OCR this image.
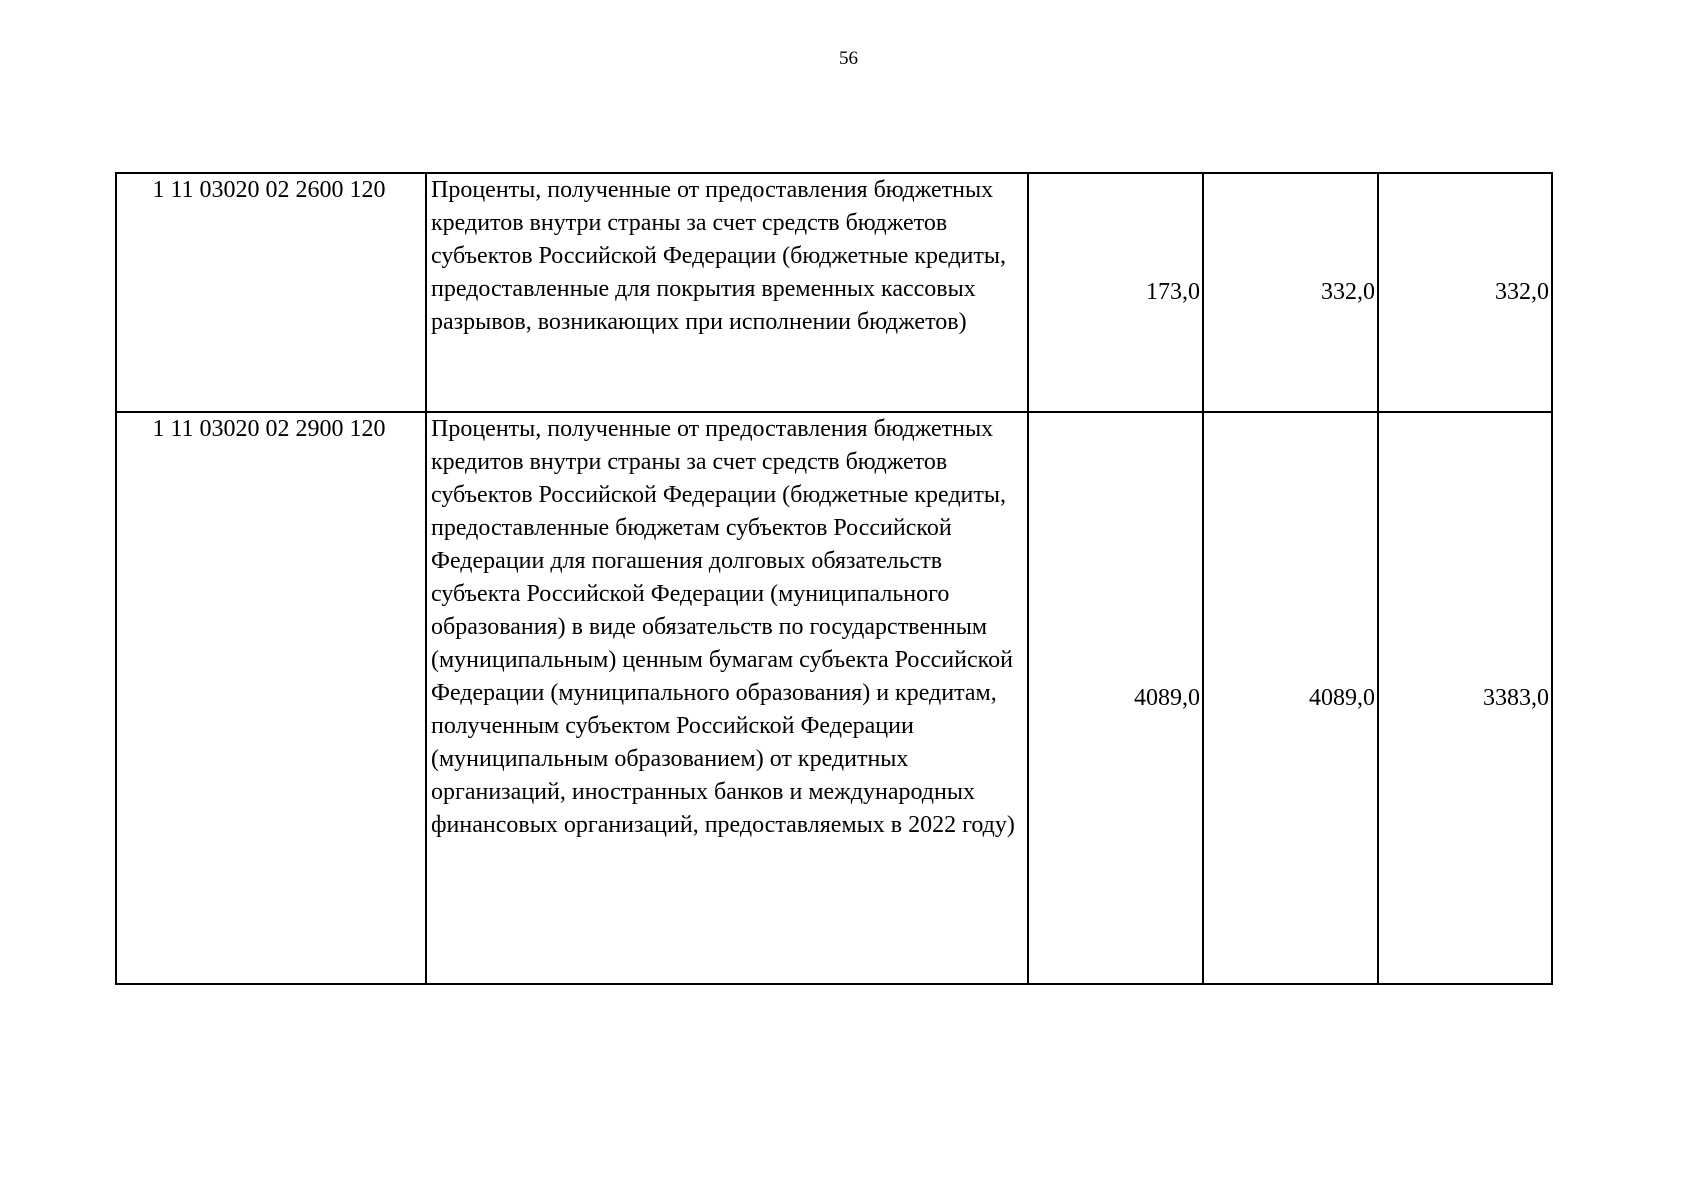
56
1 11 03020 02 2600 120	Проценты, полученные от предоставления бюджетных кредитов внутри страны за счет средств бюджетов субъектов Российской Федерации (бюджетные кредиты, предоставленные для покрытия временных кассовых разрывов, возникающих при исполнении бюджетов)	173,0	332,0	332,0
1 11 03020 02 2900 120	Проценты, полученные от предоставления бюджетных кредитов внутри страны за счет средств бюджетов субъектов Российской Федерации (бюджетные кредиты, предоставленные бюджетам субъектов Российской Федерации для погашения долговых обязательств субъекта Российской Федерации (муниципального образования) в виде обязательств по государственным (муниципальным) ценным бумагам субъекта Российской Федерации (муниципального образования) и кредитам, полученным субъектом Российской Федерации (муниципальным образованием) от кредитных организаций, иностранных банков и международных финансовых организаций, предоставляемых в 2022 году)	4089,0	4089,0	3383,0
